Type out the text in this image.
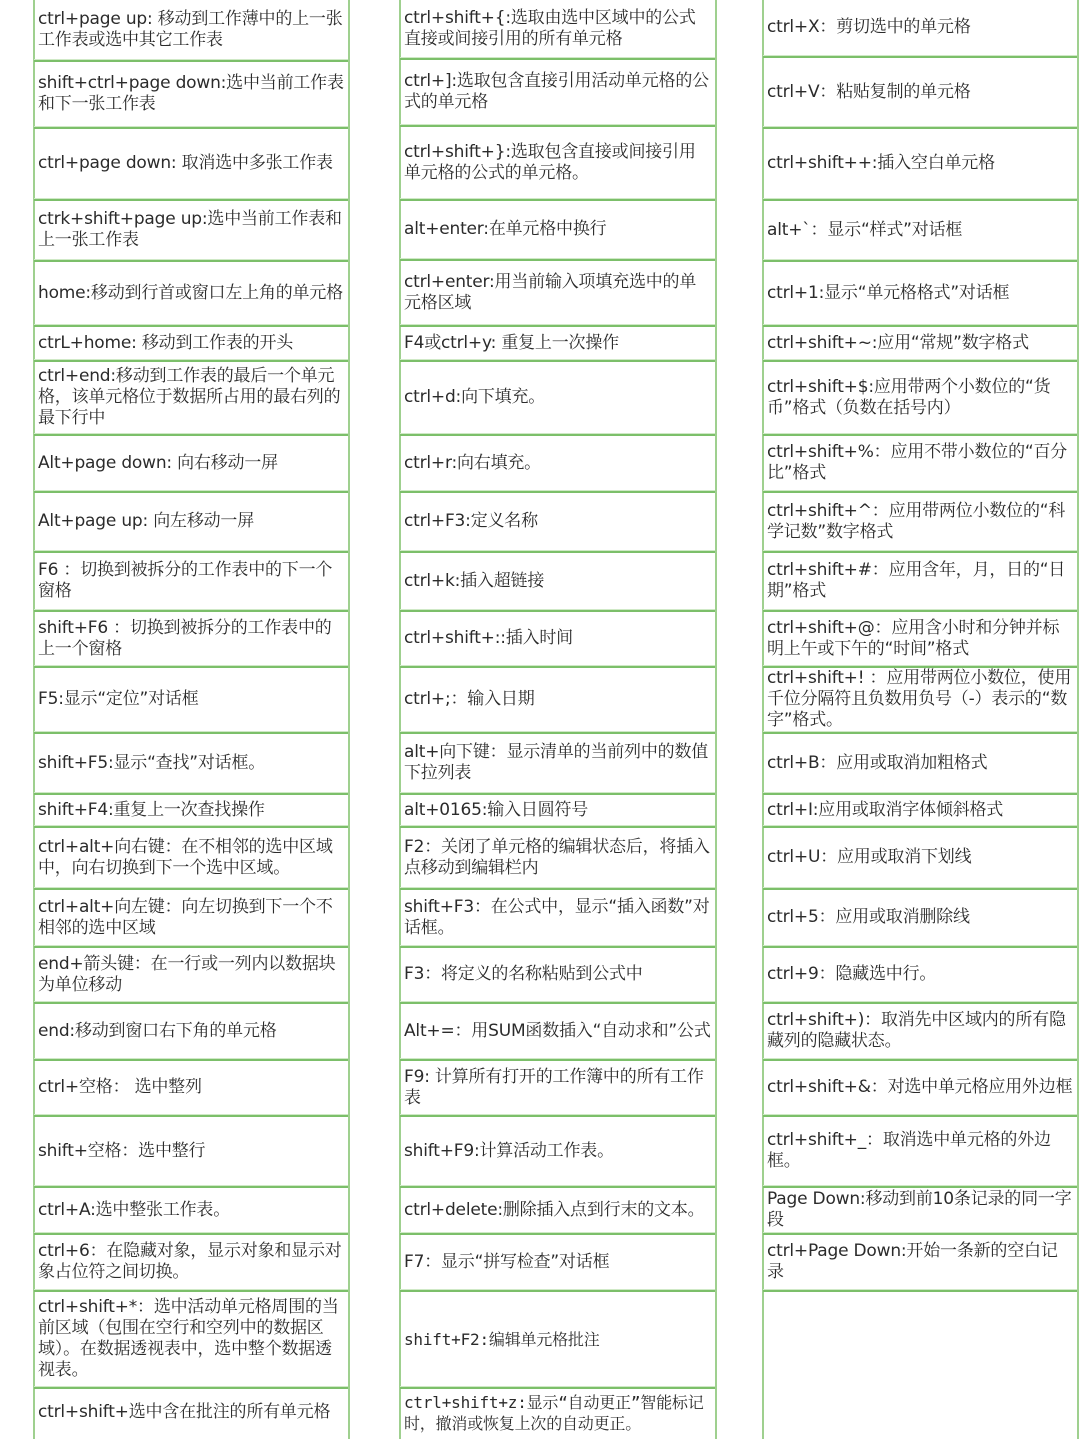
ctrl+page up: 移动到工作薄中的上一张工作表或选中其它工作表
shift+ctrl+page down:选中当前工作表和下一张工作表
ctrl+page down: 取消选中多张工作表
ctrk+shift+page up:选中当前工作表和上一张工作表
home:移动到行首或窗口左上角的单元格
ctrL+home: 移动到工作表的开头
ctrl+end:移动到工作表的最后一个单元格，该单元格位于数据所占用的最右列的最下行中
Alt+page down: 向右移动一屏
Alt+page up: 向左移动一屏
F6 ：切换到被拆分的工作表中的下一个窗格
shift+F6 ：切换到被拆分的工作表中的上一个窗格
F5:显示“定位”对话框
shift+F5:显示“查找”对话框。
shift+F4:重复上一次查找操作
ctrl+alt+向右键：在不相邻的选中区域中，向右切换到下一个选中区域。
ctrl+alt+向左键：向左切换到下一个不相邻的选中区域
end+箭头键：在一行或一列内以数据块为单位移动
end:移动到窗口右下角的单元格
ctrl+空格： 选中整列
shift+空格：选中整行
ctrl+A:选中整张工作表。
ctrl+6：在隐藏对象，显示对象和显示对象占位符之间切换。
ctrl+shift+*：选中活动单元格周围的当前区域（包围在空行和空列中的数据区域）。在数据透视表中，选中整个数据透视表。
ctrl+shift+选中含在批注的所有单元格
ctrl+shift+{:选取由选中区域中的公式直接或间接引用的所有单元格
ctrl+]:选取包含直接引用活动单元格的公式的单元格
ctrl+shift+}:选取包含直接或间接引用单元格的公式的单元格。
alt+enter:在单元格中换行
ctrl+enter:用当前输入项填充选中的单元格区域
F4或ctrl+y: 重复上一次操作
ctrl+d:向下填充。
ctrl+r:向右填充。
ctrl+F3:定义名称
ctrl+k:插入超链接
ctrl+shift+::插入时间
ctrl+;：输入日期
alt+向下键：显示清单的当前列中的数值下拉列表
alt+0165:输入日圆符号
F2：关闭了单元格的编辑状态后，将插入点移动到编辑栏内
shift+F3：在公式中，显示“插入函数”对话框。
F3：将定义的名称粘贴到公式中
Alt+=：用SUM函数插入“自动求和”公式
F9: 计算所有打开的工作簿中的所有工作表
shift+F9:计算活动工作表。
ctrl+delete:删除插入点到行末的文本。
F7：显示“拼写检查”对话框
shift+F2:编辑单元格批注
ctrl+shift+z:显示“自动更正”智能标记时，撤消或恢复上次的自动更正。
ctrl+X：剪切选中的单元格
ctrl+V：粘贴复制的单元格
ctrl+shift++:插入空白单元格
alt+`：显示“样式”对话框
ctrl+1:显示“单元格格式”对话框
ctrl+shift+~:应用“常规”数字格式
ctrl+shift+$:应用带两个小数位的“货币”格式（负数在括号内）
ctrl+shift+%：应用不带小数位的“百分比”格式
ctrl+shift+^：应用带两位小数位的“科学记数”数字格式
ctrl+shift+#：应用含年，月，日的“日期”格式
ctrl+shift+@：应用含小时和分钟并标明上午或下午的“时间”格式
ctrl+shift+! ：应用带两位小数位，使用千位分隔符且负数用负号（-）表示的“数字”格式。
ctrl+B：应用或取消加粗格式
ctrl+I:应用或取消字体倾斜格式
ctrl+U：应用或取消下划线
ctrl+5：应用或取消删除线
ctrl+9：隐藏选中行。
ctrl+shift+)：取消先中区域内的所有隐藏列的隐藏状态。
ctrl+shift+&：对选中单元格应用外边框
ctrl+shift+_：取消选中单元格的外边框。
Page Down:移动到前10条记录的同一字段
ctrl+Page Down:开始一条新的空白记录
